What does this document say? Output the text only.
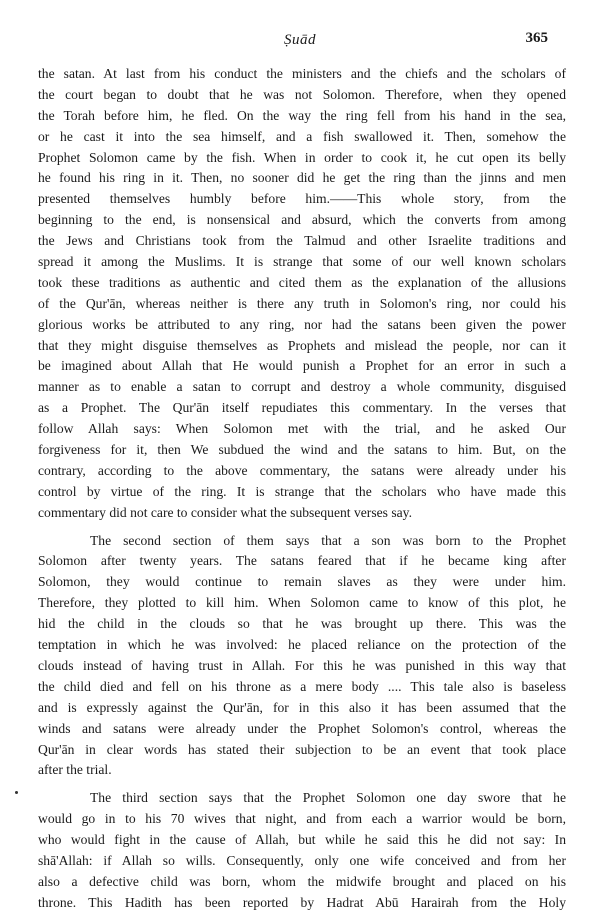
Ṣuād	365
the satan. At last from his conduct the ministers and the chiefs and the scholars of
the court began to doubt that he was not Solomon. Therefore, when they opened
the Torah before him, he fled. On the way the ring fell from his hand in the sea,
or he cast it into the sea himself, and a fish swallowed it. Then, somehow the
Prophet Solomon came by the fish. When in order to cook it, he cut open its belly
he found his ring in it. Then, no sooner did he get the ring than the jinns and men
presented themselves humbly before him.——This whole story, from the
beginning to the end, is nonsensical and absurd, which the converts from among
the Jews and Christians took from the Talmud and other Israelite traditions and
spread it among the Muslims. It is strange that some of our well known scholars
took these traditions as authentic and cited them as the explanation of the allusions
of the Qur'ān, whereas neither is there any truth in Solomon's ring, nor could his
glorious works be attributed to any ring, nor had the satans been given the power
that they might disguise themselves as Prophets and mislead the people, nor can it
be imagined about Allah that He would punish a Prophet for an error in such a
manner as to enable a satan to corrupt and destroy a whole community, disguised
as a Prophet. The Qur'ān itself repudiates this commentary. In the verses that
follow Allah says: When Solomon met with the trial, and he asked Our
forgiveness for it, then We subdued the wind and the satans to him. But, on the
contrary, according to the above commentary, the satans were already under his
control by virtue of the ring. It is strange that the scholars who have made this
commentary did not care to consider what the subsequent verses say.
The second section of them says that a son was born to the Prophet
Solomon after twenty years. The satans feared that if he became king after
Solomon, they would continue to remain slaves as they were under him.
Therefore, they plotted to kill him. When Solomon came to know of this plot, he
hid the child in the clouds so that he was brought up there. This was the
temptation in which he was involved: he placed reliance on the protection of the
clouds instead of having trust in Allah. For this he was punished in this way that
the child died and fell on his throne as a mere body .... This tale also is baseless
and is expressly against the Qur'ān, for in this also it has been assumed that the
winds and satans were already under the Prophet Solomon's control, whereas the
Qur'ān in clear words has stated their subjection to be an event that took place
after the trial.
The third section says that the Prophet Solomon one day swore that he
would go in to his 70 wives that night, and from each a warrior would be born,
who would fight in the cause of Allah, but while he said this he did not say: In
shā'Allah: if Allah so wills. Consequently, only one wife conceived and from her
also a defective child was born, whom the midwife brought and placed on his
throne. This Hadith has been reported by Hadrat Abū Harairah from the Holy
